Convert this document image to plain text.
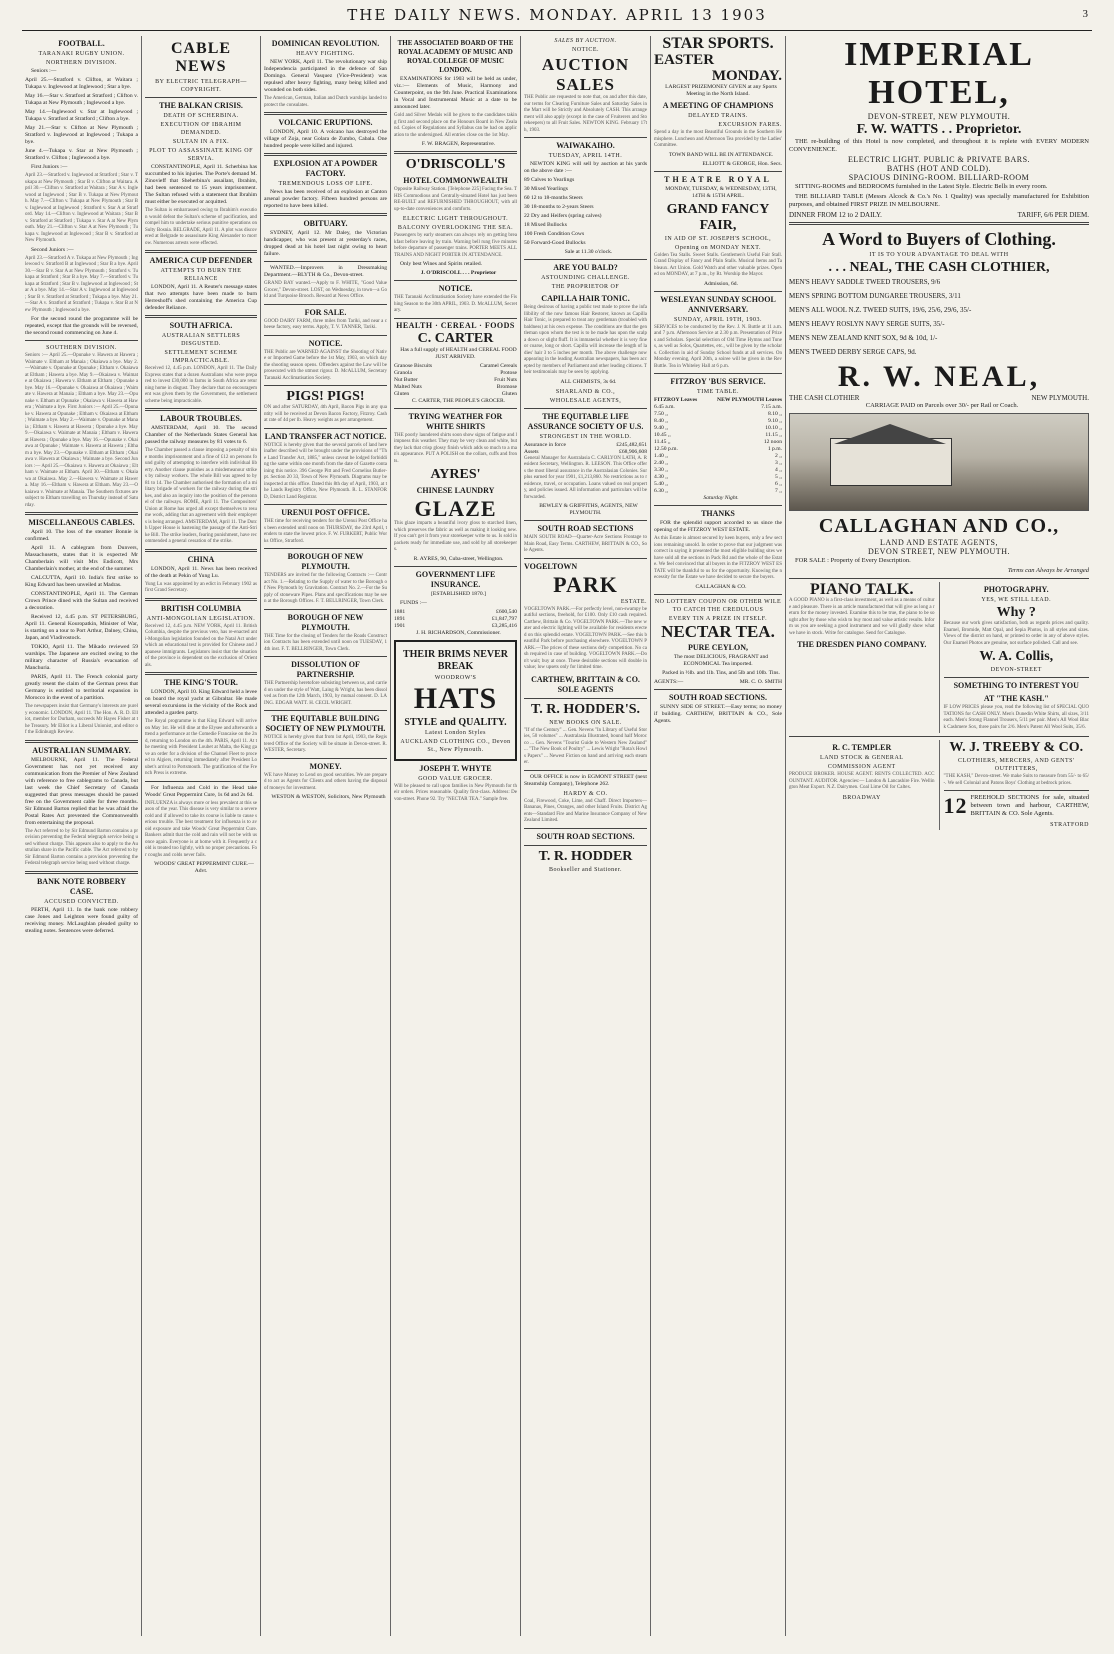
THE DAILY NEWS. MONDAY. APRIL 13 1903	3
FOOTBALL.
TARANAKI RUGBY UNION.
NORTHERN DIVISION.

Seniors :—

April 25.—Stratford v. Clifton, at Waitara ; Tukapa v. Inglewood at Inglewood ; Star a bye.

May 16.—Star v. Stratford at Stratford ; Clifton v. Tukapa at New Plymouth ; Inglewood a bye.

May 14.—Inglewood v. Star at Inglewood ; Tukapa v. Stratford at Stratford ; Clifton a bye.

May 21.—Star v. Clifton at New Plymouth ; Stratford v. Inglewood at Inglewood ; Tukapa a bye.

June 4.—Tukapa v. Star at New Plymouth ; Stratford v. Clifton ; Inglewood a bye.

First Juniors :—

April 23.—Stratford v. Inglewood at Stratford ; Star v. Tukapa at New Plymouth ; Star B v. Clifton at Waitara. April 30.—Clifton v. Stratford at Waitara ; Star A v. Inglewood at Inglewood ; Star B v. Tukapa at New Plymouth. May 7.—Clifton v. Tukapa at New Plymouth ; Star B v. Inglewood at Inglewood ; Stratford v. Star A at Stratford. May 14.—Clifton v. Inglewood at Waitara ; Star B v. Stratford at Stratford ; Tukapa v. Star A at New Plymouth. May 21.—Clifton v. Star A at New Plymouth ; Tukapa v. Inglewood at Inglewood ; Star B v. Stratford at New Plymouth.

Second Juniors :—

April 23.—Stratford A v. Tukapa at New Plymouth ; Inglewood v. Stratford B at Inglewood ; Star B a bye. April 30.—Star B v. Star A at New Plymouth ; Stratford v. Tukapa at Stratford ; Star B a bye. May 7.—Stratford v. Tukapa at Stratford ; Star B v. Inglewood at Inglewood ; Star A a bye. May 14.—Star A v. Inglewood at Inglewood ; Star B v. Stratford at Stratford ; Tukapa a bye. May 21.—Star A v. Stratford at Stratford ; Tukapa v. Star B at New Plymouth ; Inglewood a bye.

For the second round the programme will be repeated, except that the grounds will be reversed, the second round commencing on June 4.

SOUTHERN DIVISION.
Seniors :— April 25.—Opunake v. Hawera at Hawera ; Waimate v. Eltham at Manaia ; Okaiawa a bye. May 2.—Waimate v. Opunake at Opunake ; Eltham v. Okaiawa at Eltham ; Hawera a bye. May 9.—Okaiawa v. Waimate at Okaiawa ; Hawera v. Eltham at Eltham ; Opunake a bye. May 16.—Opunake v. Okaiawa at Okaiawa ; Waimate v. Hawera at Manaia ; Eltham a bye. May 23.—Opunake v. Eltham at Opunake ; Okaiawa v. Hawera at Hawera ; Waimate a bye. First Juniors :— April 25.—Opunake v. Hawera at Opunake ; Eltham v. Okaiawa at Eltham ; Waimate a bye. May 2.—Waimate v. Opunake at Manaia ; Eltham v. Hawera at Hawera ; Opunake a bye. May 9.—Okaiawa v. Waimate at Manaia ; Eltham v. Hawera at Hawera ; Opunake a bye. May 16.—Opunake v. Okaiawa at Opunake ; Waimate v. Hawera at Hawera ; Eltham a bye. May 23.—Opunake v. Eltham at Eltham ; Okaiawa v. Hawera at Okaiawa ; Waimate a bye. Second Juniors :— April 25.—Okaiawa v. Hawera at Okaiawa ; Eltham v. Waimate at Eltham. April 30.—Eltham v. Okaiawa at Okaiawa. May 2.—Hawera v. Waimate at Hawera. May 16.—Eltham v. Hawera at Eltham. May 23.—Okaiawa v. Waimate at Manaia. The Southern fixtures are subject to Eltham travelling on Thursday instead of Saturday.
MISCELLANEOUS CABLES.

April 10. The loss of the steamer Bonnie is confirmed.

April 11. A cablegram from Dunvers, Massachusetts, states that it is expected Mr Chamberlain will visit Mrs Endicott, Mrs Chamberlain's mother, at the end of the summer.

CALCUTTA, April 10. India's first strike to King Edward has been unveiled at Madras.

CONSTANTINOPLE, April 11. The German Crown Prince dined with the Sultan and received a decoration.

Received 12, 4.45 p.m. ST PETERSBURG, April 11. General Kouropatkin, Minister of War, is starting on a tour to Port Arthur, Dalney, China, Japan, and Vladivostock.

TOKIO, April 11. The Mikado reviewed 59 warships. The Japanese are excited owing to the military character of Russia's evacuation of Manchuria.

PARIS, April 11. The French colonial party greatly resent the claim of the German press that Germany is entitled to territorial expansion in Morocco in the event of a partition.

The newspapers insist that Germany's interests are purely economic. LONDON, April 11. The Hon. A. R. D. Elliot, member for Durham, succeeds Mr Hayes Fisher at the Treasury. Mr Elliot is a Liberal Unionist, and editor of the Edinburgh Review.
AUSTRALIAN SUMMARY.

MELBOURNE, April 11. The Federal Government has not yet received any communication from the Premier of New Zealand with reference to free cablegrams to Canada, but last week the Chief Secretary of Canada suggested that press messages should be passed free on the Government cable for three months. Sir Edmund Barton replied that he was afraid the Postal Rates Act prevented the Commonwealth from entertaining the proposal.

The Act referred to by Sir Edmund Barton contains a provision preventing the Federal telegraph service being used without charge. This appears also to apply to the Australian share in the Pacific cable. The Act referred to by Sir Edmund Barton contains a provision preventing the Federal telegraph service being used without charge.
BANK NOTE ROBBERY CASE.
ACCUSED CONVICTED.

PERTH, April 11. In the bank note robbery case Jones and Leighton were found guilty of receiving money. McLaughlan pleaded guilty to stealing notes. Sentences were deferred.

CABLE NEWS
BY ELECTRIC TELEGRAPH—COPYRIGHT.
THE BALKAN CRISIS.
DEATH OF SCHERBINA.
EXECUTION OF IBRAHIM DEMANDED.
SULTAN IN A FIX.
PLOT TO ASSASSINATE KING OF SERVIA.

CONSTANTINOPLE, April 11. Scherbina has succumbed to his injuries. The Porte's demand M. Zinovieff that Sheherbina's assailant, Ibrahim, had been sentenced to 15 years imprisonment. The Sultan refused with a statement that Ibrahim must either be executed or acquitted.

The Sultan is embarrassed owing to Ibrahim's execution would defeat the Sultan's scheme of pacification, and compel him to undertake serious punitive operations on Sulty Bosnia. BELGRADE, April 11. A plot was discovered at Belgrade to assassinate King Alexander to morrow. Numerous arrests were effected.
AMERICA CUP DEFENDER
ATTEMPTS TO BURN THE RELIANCE

LONDON, April 11. A Reuter's message states that two attempts have been made to burn Herreshoff's shed containing the America Cup defender Reliance.

SOUTH AFRICA.
AUSTRALIAN SETTLERS DISGUSTED.
SETTLEMENT SCHEME IMPRACTICABLE.
Received 12, 4.45 p.m. LONDON, April 11. The Daily Express states that a dozen Australians who were prepared to invest £30,000 in farms in South Africa are returning home in disgust. They declare that no encouragement was given them by the Government, the settlement scheme being impracticable.
LABOUR TROUBLES.

AMSTERDAM, April 10. The second Chamber of the Netherlands States General has passed the railway measures by 81 votes to 6.

The Chamber passed a clause imposing a penalty of nine months imprisonment and a fine of £12 on persons found guilty of attempting to interfere with individual liberty. Another clause punishes as a misdemeanour strikes by railway workers. The whole Bill was agreed to by 81 to 14. The Chamber authorised the formation of a military brigade of workers for the railway during the strikes, and also an inquiry into the position of the personnel of the railways. ROME, April 11. The Compositors' Union at Rome has urged all except themselves to resume work, adding that an agreement with their employers is being arranged. AMSTERDAM, April 11. The Dutch Upper House is hastening the passage of the Anti-Strike Bill. The strike leaders, fearing punishment, have recommended a general cessation of the strike.
CHINA

LONDON, April 11. News has been received of the death at Pekin of Yung Lu.

Yung Lu was appointed by an edict in February 1902 as first Grand Secretary.
BRITISH COLUMBIA
ANTI-MONGOLIAN LEGISLATION.
Received 12, 4.45 p.m. NEW YORK, April 11. British Columbia, despite the previous veto, has re-enacted anti-Mongolian legislation founded on the Natal Act under which an educational test is provided for Chinese and Japanese immigrants. Legislators insist that the situation of the province is dependent on the exclusion of Orientals.
THE KING'S TOUR.

LONDON, April 10. King Edward held a levee on board the royal yacht at Gibraltar. He made several excursions in the vicinity of the Rock and attended a garden party.

The Royal programme is that King Edward will arrive on May 1st. He will dine at the Elysee and afterwards attend a performance at the Comedie Francaise on the 2nd, returning to London on the 4th. PARIS, April 11. At the meeting with President Loubet at Malta, the King gave an order for a division of the Channel Fleet to proceed to Algiers, returning immediately after President Loubet's arrival to Portsmouth. The gratification of the French Press is extreme.

For Influenza and Cold in the Head take Woods' Great Peppermint Cure, 1s 6d and 2s 6d.

INFLUENZA is always more or less prevalent at this season of the year. This disease is very similar to a severe cold and if allowed to take its course is liable to cause serious trouble. The best treatment for influenza is to avoid exposure and take Woods' Great Peppermint Cure. Bankers admit that the cold and rain will not be with us once again. Everyone is at home with it. Frequently a cold is treated too lightly, with no proper precautions. For coughs and colds never fails.

WOODS' GREAT PEPPERMINT CURE.—Advt.

DOMINICAN REVOLUTION.
HEAVY FIGHTING.

NEW YORK, April 11. The revolutionary war ship Independencia participated in the defence of San Domingo. General Vasquez (Vice-President) was repulsed after heavy fighting, many being killed and wounded on both sides.

The American, German, Italian and Dutch warships landed to protect the consulates.
VOLCANIC ERUPTIONS.

LONDON, April 10. A volcano has destroyed the village of Zoja, near Golara de Zumbo, Cabala. One hundred people were killed and injured.

EXPLOSION AT A POWDER FACTORY.
TREMENDOUS LOSS OF LIFE.

News has been received of an explosion at Canton arsenal powder factory. Fifteen hundred persons are reported to have been killed.

OBITUARY.

SYDNEY, April 12. Mr Daley, the Victorian handicapper, who was present at yesterday's races, dropped dead at his hotel last night owing to heart failure.

WANTED.—Improvers in Dressmaking Department.—BLYTH & Co., Devon-street.

GRAND BAY wanted.—Apply to F. WHITE, "Good Value Grocer," Devon-street. LOST, on Wednesday, in town—a Gold and Turquoise Brooch. Reward at News Office.
FOR SALE.
GOOD DAIRY FARM, three miles from Tariki, and near a cheese factory, easy terms. Apply, T. V. TANNER, Tariki.
NOTICE.
THE Public are WARNED AGAINST the Shooting of Native or Imported Game before the 1st May, 1903, on which day the shooting season opens. Offenders against the Law will be prosecuted with the utmost rigour. D. McALLUM, Secretary Taranaki Acclimatisation Society.
PIGS! PIGS!
ON and after SATURDAY, 4th April, Bacon Pigs in any quantity will be received at Devon Bacon Factory, Fitzroy. Cash at rate of 4d per lb. Heavy weights as per arrangement.
LAND TRANSFER ACT NOTICE.
NOTICE is hereby given that the several parcels of land hereinafter described will be brought under the provisions of "The Land Transfer Act, 1885," unless caveat be lodged forbidding the same within one month from the date of Gazette containing this notice. 396 George Pitt and Fred Cornelius Butler-pt. Section 20 33, Town of New Plymouth. Diagrams may be inspected at this office. Dated this 8th day of April, 1903, at the Lands Registry Office, New Plymouth. R. L. STANFORD, District Land Registrar.
URENUI POST OFFICE.
THE time for receiving tenders for the Urenui Post Office has been extended until noon on THURSDAY, the 23rd April, tenders to state the lowest price. F. W. FURKERT, Public Works Office, Stratford.
BOROUGH OF NEW PLYMOUTH.
TENDERS are invited for the following Contracts :— Contract No. 1.—Relating to the Supply of water to the Borough of New Plymouth by Gravitation. Contract No. 2.—For the Supply of stoneware Pipes. Plans and specifications may be seen at the Borough Offices. F. T. BELLRINGER, Town Clerk.
BOROUGH OF NEW PLYMOUTH.
THE Time for the closing of Tenders for the Roads Construction Contracts has been extended until noon on TUESDAY, 14th inst. F. T. BELLRINGER, Town Clerk.
DISSOLUTION OF PARTNERSHIP.
THE Partnership heretofore subsisting between us, and carried on under the style of Watt, Laing & Wright, has been dissolved as from the 12th March, 1903, by mutual consent. D. LAING. EDGAR WATT. H. CECIL WRIGHT.
THE EQUITABLE BUILDING SOCIETY OF NEW PLYMOUTH.
NOTICE is hereby given that from 1st April, 1903, the Registered Office of the Society will be situate in Devon-street. R. WESTER, Secretary.
MONEY.
WE have Money to Lend on good securities. We are prepared to act as Agents for Clients and others having the disposal of moneys for investment.

WESTON & WESTON, Solicitors, New Plymouth

THE ASSOCIATED BOARD OF THE ROYAL ACADEMY OF MUSIC AND ROYAL COLLEGE OF MUSIC LONDON.

EXAMINATIONS for 1903 will be held as under, viz.:— Elements of Music, Harmony and Counterpoint, on the 9th June. Practical Examinations in Vocal and Instrumental Music at a date to be announced later.

Gold and Silver Medals will be given to the candidates taking first and second place on the Honours Board in New Zealand. Copies of Regulations and Syllabus can be had on application to the undersigned. All entries close on the 1st May.

F. W. BRAGEN, Representative.

O'DRISCOLL'S
HOTEL COMMONWEALTH
Opposite Railway Station. [Telephone 225] Facing the Sea. THIS Commodious and Centrally-situated Hotel has just been RE-BUILT and REFURNISHED THROUGHOUT, with all up-to-date conveniences and comforts.
ELECTRIC LIGHT THROUGHOUT.
BALCONY OVERLOOKING THE SEA.
Passengers by early steamers can always rely on getting breakfast before leaving by train. Warning bell rung five minutes before departure of passenger trains. PORTER MEETS ALL TRAINS AND NIGHT PORTER IN ATTENDANCE.

Only best Wines and Spirits retailed.

J. O'DRISCOLL . . . Proprietor

NOTICE.
THE Taranaki Acclimatisation Society have extended the Fishing Season to the 30th APRIL, 1903. D. McALLUM, Secretary.
HEALTH · CEREAL · FOODS
C. CARTER

Has a full supply of HEALTH and CEREAL FOOD JUST ARRIVED.

Granose Biscuits	Caramel Cereals
Granola	Protose
Nut Butter	Fruit Nuts
Malted Nuts	Bromose
Gluten	Gluten

C. CARTER, THE PEOPLE'S GROCER.

TRYING WEATHER FOR WHITE SHIRTS
THE poorly laundered shirts soon show signs of fatigue and limpness this weather. They may be very clean and white, but they lack that crisp glossy finish which adds so much to a man's appearance. PUT A POLISH on the collars, cuffs and fronts.
AYRES'
CHINESE LAUNDRY
GLAZE
This glaze imparts a beautiful ivory gloss to starched linen, which preserves the fabric as well as making it looking new. If you can't get it from your storekeeper write to us. Is sold in packets ready for immediate use, and sold by all storekeepers.

R. AYRES, 90, Cuba-street, Wellington.

GOVERNMENT LIFE INSURANCE.

[ESTABLISHED 1870.]

FUNDS :—

1881	£600,540
1891	£1,847,797
1901	£3,285,416

J. H. RICHARDSON, Commissioner.

THEIR BRIMS NEVER BREAK
WOODROW'S
HATS
STYLE and QUALITY.
Latest London Styles
AUCKLAND CLOTHING CO., Devon St., New Plymouth.
JOSEPH T. WHYTE
GOOD VALUE GROCER.
Will be pleased to call upon families in New Plymouth for their orders. Prices reasonable. Quality first-class. Address: Devon-street. Phone 92. Try "NECTAR TEA." Sample free.
SALES BY AUCTION.
NOTICE.
AUCTION SALES
THE Public are requested to note that, on and after this date, our terms for Clearing Furniture Sales and Saturday Sales in the Mart will be Strictly and Absolutely CASH. This arrangement will also apply (except in the case of Fruiterers and Storekeepers) to all Fruit Sales. NEWTON KING. February 17th, 1903.
WAIWAKAIHO.
TUESDAY, APRIL 14TH.

NEWTON KING will sell by auction at his yards on the above date :—

89 Calves to Yearlings

30 Mixed Yearlings

60 12 to 18-months Steers

30 18-months to 2-years Steers

22 Dry and Heifers (spring calves)

18 Mixed Bullocks

100 Fresh Condition Cows

50 Forward-Good Bullocks

Sale at 11.30 o'clock.

ARE YOU BALD?
ASTOUNDING CHALLENGE.
THE PROPRIETOR OF
CAPILLA HAIR TONIC.
Being desirous of having a public test made to prove the infallibility of the now famous Hair Restorer, known as Capilla Hair Tonic, is prepared to treat any gentleman (troubled with baldness) at his own expense. The conditions are that the gentleman upon whom the test is to be made has upon the scalp a down or slight fluff. It is immaterial whether it is very fine or coarse, long or short. Capilla will increase the length of ladies' hair 3 to 5 inches per month. The above challenge now appearing in the leading Australian newspapers, has been accepted by members of Parliament and other leading citizens. Their testimonials may be seen by applying.

ALL CHEMISTS, 3s 6d.

SHARLAND & CO.,
WHOLESALE AGENTS,
THE EQUITABLE LIFE ASSURANCE SOCIETY OF U.S.
STRONGEST IN THE WORLD.
Assurance in force	£245,482,651
Assets	£68,906,608
General Manager for Australasia C. CARLYON LATH, A. Resident Secretary, Wellington. R. LEESON. This Office offers the most liberal assurance in the Australasian Colonies. Surplus earned for year 1901, £1,213,860. No restrictions as to residence, travel, or occupation. Loans valued on real property, and policies issued. All information and particulars will be forwarded.

BEWLEY & GRIFFITHS, AGENTS, NEW PLYMOUTH.

SOUTH ROAD SECTIONS
MAIN SOUTH ROAD—Quarter-Acre Sections Frontage to Main Road, Easy Terms. CARTHEW, BRITTAIN & CO., Sole Agents.
VOGELTOWN
PARK
ESTATE.
VOGELTOWN PARK.—For perfectly level, non-swampy beautiful sections, freehold, for £100. Only £10 cash required. Carthew, Brittain & Co. VOGELTOWN PARK.—The new water and electric lighting will be available for residents erected on this splendid estate. VOGELTOWN PARK.—See this beautiful Park before purchasing elsewhere. VOGELTOWN PARK.—The prices of these sections defy competition. No cash required in case of building. VOGELTOWN PARK.—Don't wait; buy at once. These desirable sections will double in value; low upsets only for limited time.
CARTHEW, BRITTAIN & CO. SOLE AGENTS
T. R. HODDER'S.
NEW BOOKS ON SALE.
"If of the Century" ... Gen. Nevens "In Library of Useful Stories, 50 volumes" ... Australasia Illustrated, bound half Morocco ... Gen. Nevens "Tourist Guide to Western New Zealand" ... "The New Book of Poultry" ... Lewis Wright "Rota's Howls Papers" ... Newest Fiction on hand and arriving each steamer.

OUR OFFICE is now in EGMONT STREET (next Steamship Company), Telephone 262.

HARDY & CO.
Coal, Firewood, Coke, Lime, and Chaff. Direct Importers—Bananas, Pines, Oranges, and other Island Fruits. District Agents—Standard Fire and Marine Insurance Company of New Zealand Limited.
SOUTH ROAD SECTIONS.
T. R. HODDER
Bookseller and Stationer.
STAR SPORTS.
EASTER
MONDAY.

LARGEST PRIZEMONEY GIVEN at any Sports Meeting in the North Island.

A MEETING OF CHAMPIONS
DELAYED TRAINS.
EXCURSION FARES.
Spend a day in the most Beautiful Grounds in the Southern Hemisphere. Luncheon and Afternoon Tea provided by the Ladies' Committee.

TOWN BAND WILL BE IN ATTENDANCE.

ELLIOTT & GEORGE, Hon. Secs.

THEATRE ROYAL

MONDAY, TUESDAY, & WEDNESDAY, 13TH, 14TH & 15TH APRIL.

GRAND FANCY FAIR,
IN AID OF ST. JOSEPH'S SCHOOL,
Opening on MONDAY NEXT.
Golden Tea Stalls. Sweet Stalls. Gentlemen's Useful Fair Stall. Grand Display of Fancy and Plain Stalls. Musical Items and Tableaux. Art Union. Gold Watch and other valuable prizes. Opened on MONDAY, at 7 p.m., by Rt. Worship the Mayor.

Admission, 6d.

WESLEYAN SUNDAY SCHOOL ANNIVERSARY.
SUNDAY, APRIL 19TH, 1903.
SERVICES to be conducted by the Rev. J. N. Buttle at 11 a.m. and 7 p.m. Afternoon Service at 2.30 p.m. Presentation of Prizes and Scholars. Special selection of Old Time Hymns and Tunes, as well as Solos, Quartettes, etc., will be given by the scholars. Collection in aid of Sunday School funds at all services. On Monday evening, April 20th, a soiree will be given in the Rev Buttle. Tea in Whiteley Hall at 6 p.m.
FITZROY 'BUS SERVICE.
TIME TABLE.
FITZROY Leaves	NEW PLYMOUTH Leaves
6.45 a.m.	7.15 a.m.
7.50 ,,	8.10 ,,
8.40 ,,	9.10 ,,
9.40 ,,	10.10 ,,
10.45 ,,	11.15 ,,
11.45 ,,	12 noon
12.50 p.m.	1 p.m.
1.40 ,,	2 ,,
2.40 ,,	3 ,,
3.30 ,,	4 ,,
4.30 ,,	5 ,,
5.40 ,,	6 ,,
6.30 ,,	7 ,,

Saturday Night.

THANKS

FOR the splendid support accorded to us since the opening of the FITZROY WEST ESTATE.

As this Estate is almost secured by keen buyers, only a few sections remaining unsold. In order to prove that our judgment was correct in saying it presented the most eligible building sites we have sold all the sections in Pack Rd and the whole of the Estate. We feel convinced that all buyers in the FITZROY WEST ESTATE will be thankful to us for the opportunity. Knowing the necessity for the Estate we have decided to secure the buyers.

CALLAGHAN & CO.

NO LOTTERY COUPON OR OTHER WILE TO CATCH THE CREDULOUS
EVERY TIN A PRIZE IN ITSELF.
NECTAR TEA.
PURE CEYLON,

The most DELICIOUS, FRAGRANT and ECONOMICAL Tea imported.

Packed in ½lb. and 1lb. Tins, and 5lb and 10lb. Tins.

AGENTS:—	MR. C. O. SMITH
SOUTH ROAD SECTIONS.

SUNNY SIDE OF STREET.—Easy terms; no money if building. CARTHEW, BRITTAIN & CO., Sole Agents.

IMPERIAL HOTEL,
DEVON-STREET, NEW PLYMOUTH.
F. W. WATTS . . Proprietor.

THE re-building of this Hotel is now completed, and throughout it is replete with EVERY MODERN CONVENIENCE.

ELECTRIC LIGHT. PUBLIC & PRIVATE BARS.
BATHS (HOT AND COLD).
SPACIOUS DINING-ROOM. BILLIARD-ROOM

SITTING-ROOMS and BEDROOMS furnished in the Latest Style. Electric Bells in every room.

THE BILLIARD TABLE (Messrs Alcock & Co.'s No. 1 Quality) was specially manufactured for Exhibition purposes, and obtained FIRST PRIZE IN MELBOURNE.

DINNER FROM 12 to 2 DAILY.	TARIFF, 6/6 PER DIEM.
A Word to Buyers of Clothing.
IT IS TO YOUR ADVANTAGE TO DEAL WITH
. . . NEAL, THE CASH CLOTHIER,

MEN'S HEAVY SADDLE TWEED TROUSERS, 9/6

MEN'S SPRING BOTTOM DUNGAREE TROUSERS, 3/11

MEN'S ALL WOOL N.Z. TWEED SUITS, 19/6, 25/6, 29/6, 35/-

MEN'S HEAVY ROSLYN NAVY SERGE SUITS, 35/-

MEN'S NEW ZEALAND KNIT SOX, 9d & 10d, 1/-

MEN'S TWEED DERBY SERGE CAPS, 9d.

R. W. NEAL,
THE CASH CLOTHIER	NEW PLYMOUTH.

CARRIAGE PAID on Parcels over 30/- per Rail or Coach.

CALLAGHAN AND CO.,
LAND AND ESTATE AGENTS,
DEVON STREET, NEW PLYMOUTH.

FOR SALE : Property of Every Description.

Terms can Always be Arranged

PIANO TALK.
A GOOD PIANO is a first-class investment, as well as a means of culture and pleasure. There is an article manufactured that will give as long a return for the money invested. Examine this to be true, the piano to be sought after by those who wish to buy most and value artistic results. Inform us you are seeking a good instrument and we will gladly show what we have in stock. Write for catalogue. Send for Catalogue.
THE DRESDEN PIANO COMPANY.
PHOTOGRAPHY.
YES, WE STILL LEAD.
Why ?
Because our work gives satisfaction, both as regards prices and quality. Enamel, Bromide, Matt Opal, and Sepia Photos, in all styles and sizes. Views of the district on hand, or printed to order in any of above styles. Our Enamel Photos are genuine, not surface polished. Call and see.
W. A. Collis,
DEVON-STREET
SOMETHING TO INTEREST YOU
AT "THE KASH."
IF LOW PRICES please you, read the following list of SPECIAL QUOTATIONS for CASH ONLY. Men's Dunedin White Shirts, all sizes, 3/11 each. Men's Strong Flannel Trousers, 5/11 per pair. Men's All Wool Black Cashmere Sox, three pairs for 2/6. Men's Patent All Wool Suits, 35/6.
R. C. TEMPLER
LAND STOCK & GENERAL
COMMISSION AGENT
PRODUCE BROKER. HOUSE AGENT. RENTS COLLECTED. ACCOUNTANT. AUDITOR. Agencies:— London & Lancashire Fire. Wellington Meat Export. N.Z. Dairymen. Coal Lime Oil for Caltex.
BROADWAY
W. J. TREEBY & CO.
CLOTHIERS, MERCERS, AND GENTS' OUTFITTERS,
"THE KASH," Devon-street. We make Suits to measure from 55/- to 65/-. We sell Colonial and Patons Boys' Clothing at bedrock prices.
12 FREEHOLD SECTIONS for sale, situated between town and harbour, CARTHEW, BRITTAIN & CO. Sole Agents.

STRATFORD
